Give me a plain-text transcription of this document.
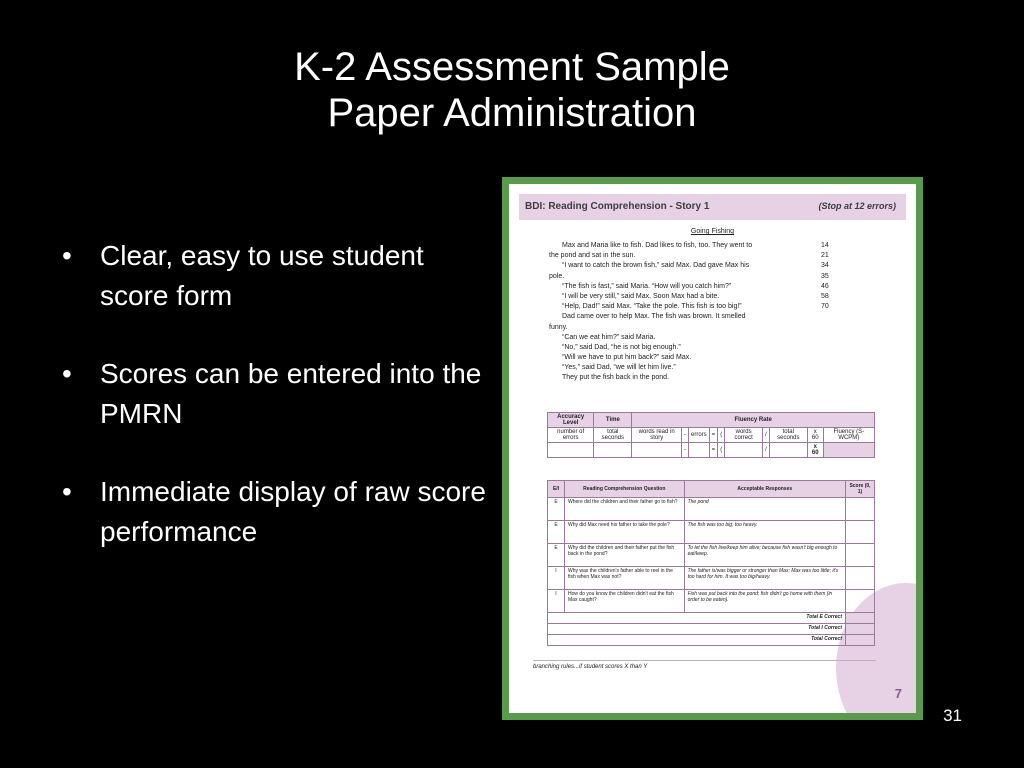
K-2 Assessment Sample
Paper Administration
• Clear, easy to use student score form
• Scores can be entered into the PMRN
• Immediate display of raw score performance
BDI: Reading Comprehension - Story 1	(Stop at 12 errors)
Going Fishing
Max and Maria like to fish. Dad likes to fish, too. They went to	14
the pond and sat in the sun.	21
“I want to catch the brown fish,” said Max. Dad gave Max his	34
pole.	35
“The fish is fast,” said Maria. “How will you catch him?”	46
“I will be very still,” said Max. Soon Max had a bite.	58
“Help, Dad!” said Max. “Take the pole. This fish is too big!”	70
Dad came over to help Max. The fish was brown. It smelled
funny.
“Can we eat him?” said Maria.
“No,” said Dad, “he is not big enough.”
“Will we have to put him back?” said Max.
“Yes,” said Dad, “we will let him live.”
They put the fish back in the pond.
Accuracy Level	Time	Fluency Rate									
number of errors	total seconds	words read in story	-	errors	=	(	words correct	/	total seconds	x 60	Fluency (S-WCPM)
			-		=	(		/		x 60	
E/I	Reading Comprehension Question	Acceptable Responses	Score (0, 1)
E	Where did the children and their father go to fish?	The pond	
E	Why did Max need his father to take the pole?	The fish was too big; too heavy.	
E	Why did the children and their father put the fish back in the pond?	To let the fish live/keep him alive; because fish wasn't big enough to eat/keep.	
I	Why was the children's father able to reel in the fish when Max was not?	The father is/was bigger or stronger than Max; Max was too little; it's too hard for him. It was too big/heavy.	
I	How do you know the children didn't eat the fish Max caught?	Fish was put back into the pond; fish didn't go home with them (in order to be eaten).	
Total E Correct			
Total I Correct			
Total Correct			
branching rules...if student scores X than Y
7
31
